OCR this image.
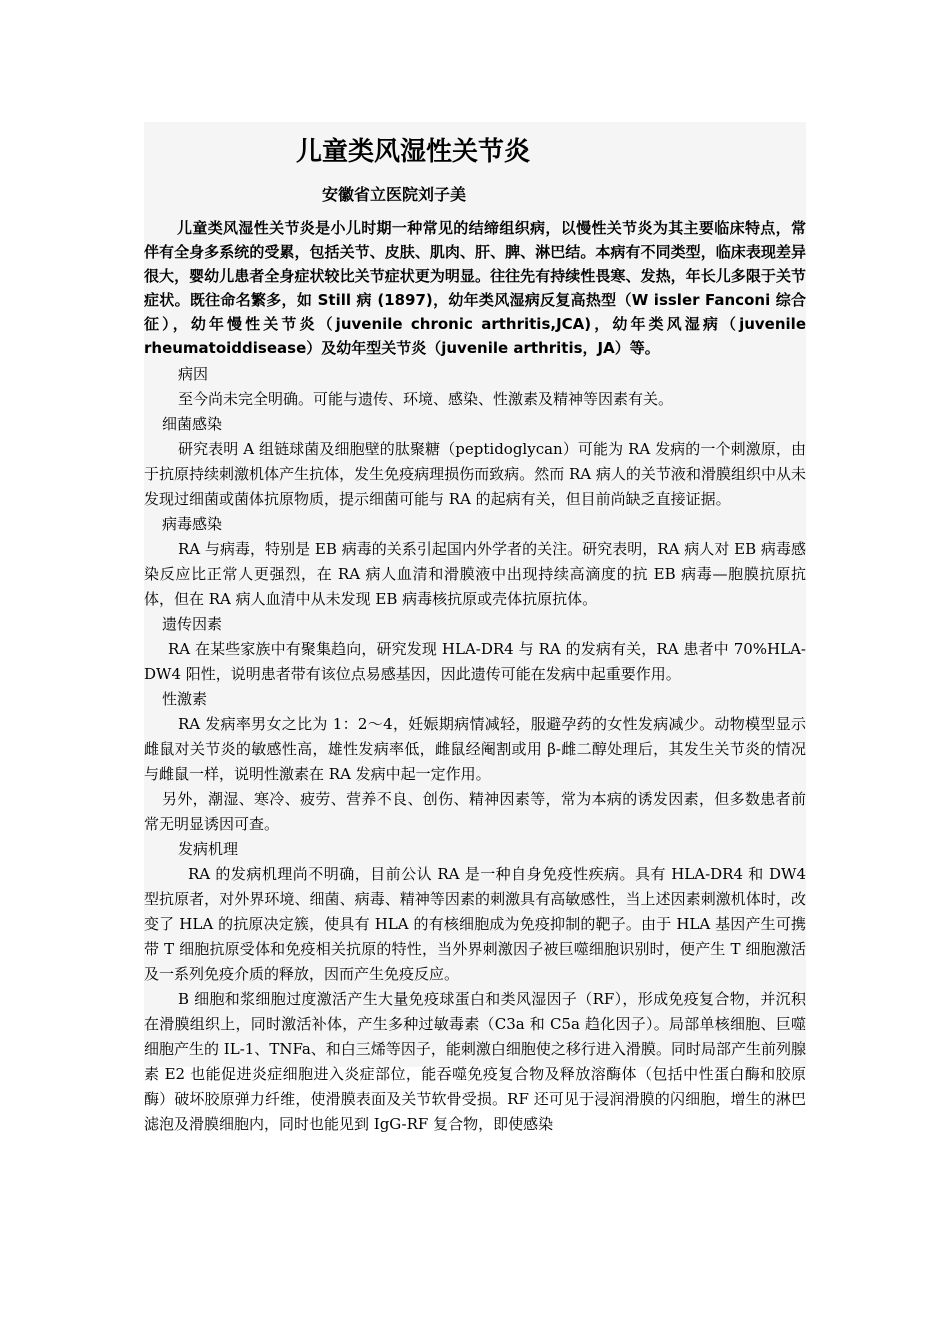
儿童类风湿性关节炎

安徽省立医院刘子美

儿童类风湿性关节炎是小儿时期一种常见的结缔组织病，以慢性关节炎为其主要临床特点，常伴有全身多系统的受累，包括关节、皮肤、肌肉、肝、脾、淋巴结。本病有不同类型，临床表现差异很大，婴幼儿患者全身症状较比关节症状更为明显。往往先有持续性畏寒、发热，年长儿多限于关节症状。既往命名繁多，如 Still 病 (1897)，幼年类风湿病反复高热型（W issler Fanconi 综合征），幼年慢性关节炎（juvenile chronic arthritis,JCA)，幼年类风湿病（juvenile rheumatoiddisease）及幼年型关节炎（juvenile arthritis，JA）等。

病因

至今尚未完全明确。可能与遗传、环境、感染、性激素及精神等因素有关。

细菌感染

研究表明 A 组链球菌及细胞壁的肽聚糖（peptidoglycan）可能为 RA 发病的一个刺激原，由于抗原持续刺激机体产生抗体，发生免疫病理损伤而致病。然而 RA 病人的关节液和滑膜组织中从未发现过细菌或菌体抗原物质，提示细菌可能与 RA 的起病有关，但目前尚缺乏直接证据。

病毒感染

RA 与病毒，特别是 EB 病毒的关系引起国内外学者的关注。研究表明，RA 病人对 EB 病毒感染反应比正常人更强烈，在 RA 病人血清和滑膜液中出现持续高滴度的抗 EB 病毒—胞膜抗原抗体，但在 RA 病人血清中从未发现 EB 病毒核抗原或壳体抗原抗体。

遗传因素

RA 在某些家族中有聚集趋向，研究发现 HLA-DR4 与 RA 的发病有关，RA 患者中 70%HLA-DW4 阳性，说明患者带有该位点易感基因，因此遗传可能在发病中起重要作用。

性激素

RA 发病率男女之比为 1：2～4，妊娠期病情减轻，服避孕药的女性发病减少。动物模型显示雌鼠对关节炎的敏感性高，雄性发病率低，雌鼠经阉割或用 β-雌二醇处理后，其发生关节炎的情况与雌鼠一样，说明性激素在 RA 发病中起一定作用。

另外，潮湿、寒冷、疲劳、营养不良、创伤、精神因素等，常为本病的诱发因素，但多数患者前常无明显诱因可查。

发病机理

RA 的发病机理尚不明确，目前公认 RA 是一种自身免疫性疾病。具有 HLA-DR4 和 DW4 型抗原者，对外界环境、细菌、病毒、精神等因素的刺激具有高敏感性，当上述因素刺激机体时，改变了 HLA 的抗原决定簇，使具有 HLA 的有核细胞成为免疫抑制的靶子。由于 HLA 基因产生可携带 T 细胞抗原受体和免疫相关抗原的特性，当外界刺激因子被巨噬细胞识别时，便产生 T 细胞激活及一系列免疫介质的释放，因而产生免疫反应。

B 细胞和浆细胞过度激活产生大量免疫球蛋白和类风湿因子（RF），形成免疫复合物，并沉积在滑膜组织上，同时激活补体，产生多种过敏毒素（C3a 和 C5a 趋化因子）。局部单核细胞、巨噬细胞产生的 IL-1、TNFa、和白三烯等因子，能刺激白细胞使之移行进入滑膜。同时局部产生前列腺素 E2 也能促进炎症细胞进入炎症部位，能吞噬免疫复合物及释放溶酶体（包括中性蛋白酶和胶原酶）破坏胶原弹力纤维，使滑膜表面及关节软骨受损。RF 还可见于浸润滑膜的闪细胞，增生的淋巴滤泡及滑膜细胞内，同时也能见到 IgG-RF 复合物，即使感染
